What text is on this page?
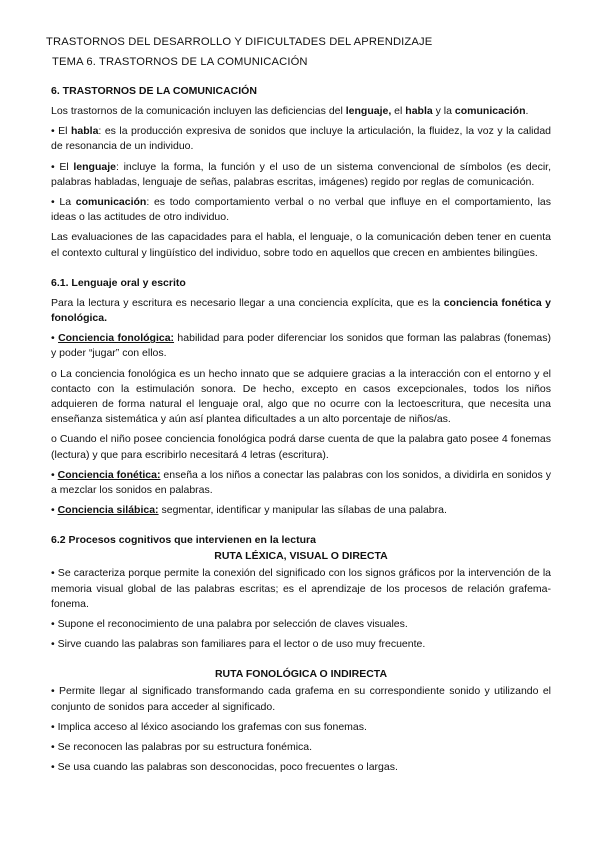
TRASTORNOS DEL DESARROLLO Y DIFICULTADES DEL APRENDIZAJE
TEMA 6. TRASTORNOS DE LA COMUNICACIÓN
6. TRASTORNOS DE LA COMUNICACIÓN

Los trastornos de la comunicación incluyen las deficiencias del lenguaje, el habla y la comunicación.

• El habla: es la producción expresiva de sonidos que incluye la articulación, la fluidez, la voz y la calidad de resonancia de un individuo.

• El lenguaje: incluye la forma, la función y el uso de un sistema convencional de símbolos (es decir, palabras habladas, lenguaje de señas, palabras escritas, imágenes) regido por reglas de comunicación.

• La comunicación: es todo comportamiento verbal o no verbal que influye en el comportamiento, las ideas o las actitudes de otro individuo.

Las evaluaciones de las capacidades para el habla, el lenguaje, o la comunicación deben tener en cuenta el contexto cultural y lingüístico del individuo, sobre todo en aquellos que crecen en ambientes bilingües.

6.1. Lenguaje oral y escrito

Para la lectura y escritura es necesario llegar a una conciencia explícita, que es la conciencia fonética y fonológica.

• Conciencia fonológica: habilidad para poder diferenciar los sonidos que forman las palabras (fonemas) y poder “jugar” con ellos.

o La conciencia fonológica es un hecho innato que se adquiere gracias a la interacción con el entorno y el contacto con la estimulación sonora. De hecho, excepto en casos excepcionales, todos los niños adquieren de forma natural el lenguaje oral, algo que no ocurre con la lectoescritura, que necesita una enseñanza sistemática y aún así plantea dificultades a un alto porcentaje de niños/as.

o Cuando el niño posee conciencia fonológica podrá darse cuenta de que la palabra gato posee 4 fonemas (lectura) y que para escribirlo necesitará 4 letras (escritura).

• Conciencia fonética: enseña a los niños a conectar las palabras con los sonidos, a dividirla en sonidos y a mezclar los sonidos en palabras.

• Conciencia silábica: segmentar, identificar y manipular las sílabas de una palabra.

6.2 Procesos cognitivos que intervienen en la lectura
RUTA LÉXICA, VISUAL O DIRECTA

• Se caracteriza porque permite la conexión del significado con los signos gráficos por la intervención de la memoria visual global de las palabras escritas; es el aprendizaje de los procesos de relación grafema-fonema.

• Supone el reconocimiento de una palabra por selección de claves visuales.

• Sirve cuando las palabras son familiares para el lector o de uso muy frecuente.

RUTA FONOLÓGICA O INDIRECTA

• Permite llegar al significado transformando cada grafema en su correspondiente sonido y utilizando el conjunto de sonidos para acceder al significado.

• Implica acceso al léxico asociando los grafemas con sus fonemas.

• Se reconocen las palabras por su estructura fonémica.

• Se usa cuando las palabras son desconocidas, poco frecuentes o largas.
